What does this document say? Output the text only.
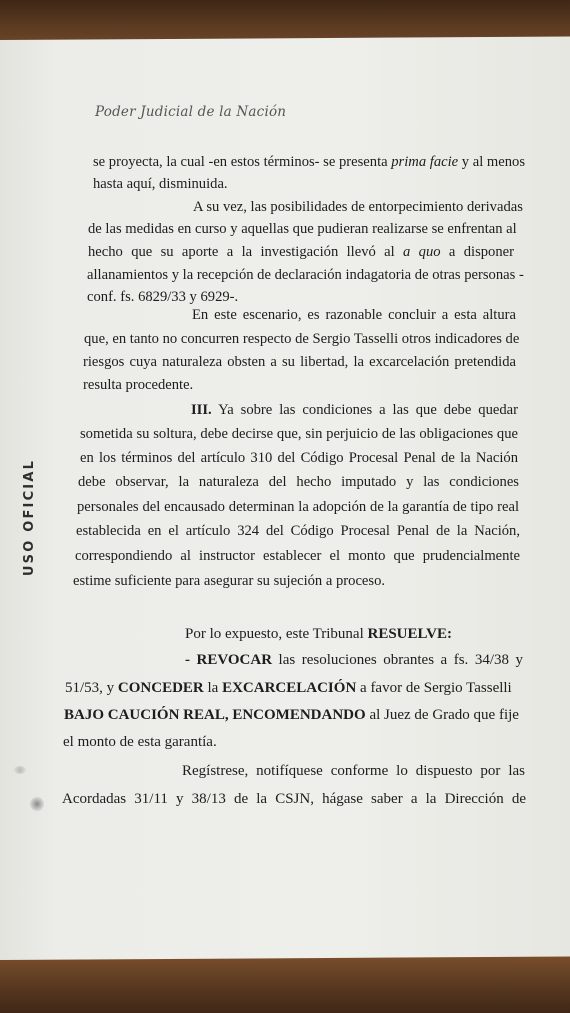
Poder Judicial de la Nación
USO OFICIAL
se proyecta, la cual -en estos términos- se presenta prima facie y al menos
hasta aquí, disminuida.
A su vez, las posibilidades de entorpecimiento derivadas
de las medidas en curso y aquellas que pudieran realizarse se enfrentan al
hecho que su aporte a la investigación llevó al a quo a disponer
allanamientos y la recepción de declaración indagatoria de otras personas -
conf. fs. 6829/33 y 6929-.
En este escenario, es razonable concluir a esta altura
que, en tanto no concurren respecto de Sergio Tasselli otros indicadores de
riesgos cuya naturaleza obsten a su libertad, la excarcelación pretendida
resulta procedente.
III. Ya sobre las condiciones a las que debe quedar
sometida su soltura, debe decirse que, sin perjuicio de las obligaciones que
en los términos del artículo 310 del Código Procesal Penal de la Nación
debe observar, la naturaleza del hecho imputado y las condiciones
personales del encausado determinan la adopción de la garantía de tipo real
establecida en el artículo 324 del Código Procesal Penal de la Nación,
correspondiendo al instructor establecer el monto que prudencialmente
estime suficiente para asegurar su sujeción a proceso.
Por lo expuesto, este Tribunal RESUELVE:
- REVOCAR las resoluciones obrantes a fs. 34/38 y
51/53, y CONCEDER la EXCARCELACIÓN a favor de Sergio Tasselli
BAJO CAUCIÓN REAL, ENCOMENDANDO al Juez de Grado que fije
el monto de esta garantía.
Regístrese, notifíquese conforme lo dispuesto por las
Acordadas 31/11 y 38/13 de la CSJN, hágase saber a la Dirección de
